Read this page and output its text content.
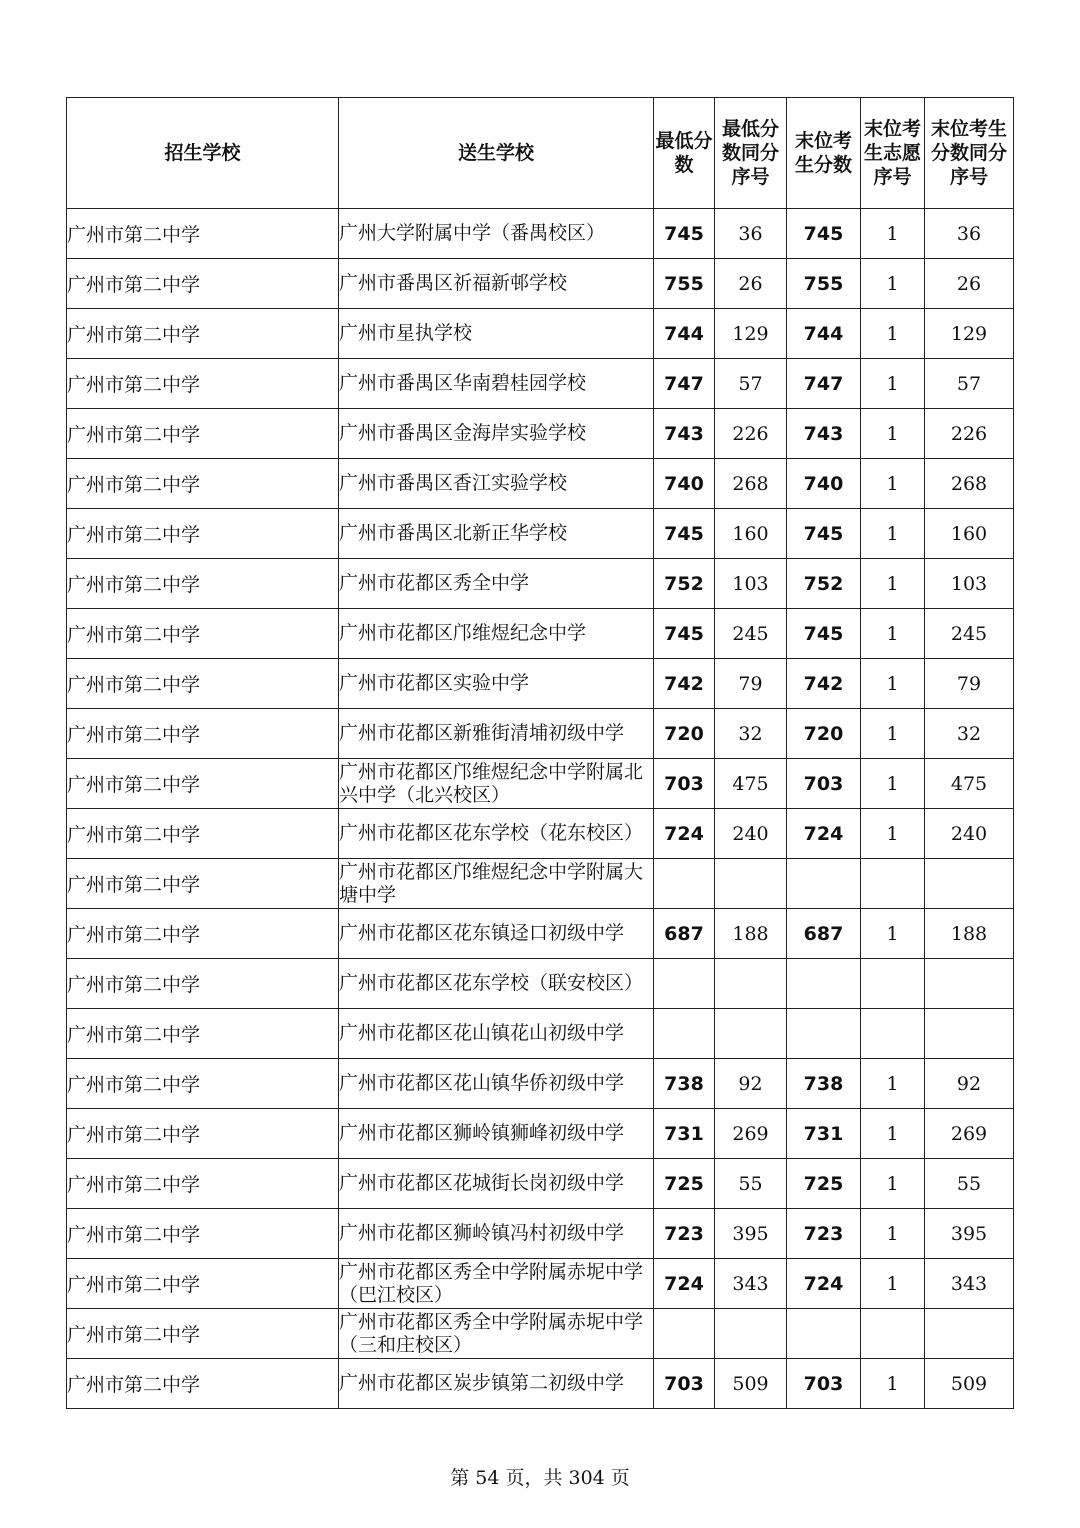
招生学校	送生学校	最低分数	最低分数同分序号	末位考生分数	末位考生志愿序号	末位考生分数同分序号
广州市第二中学	广州大学附属中学（番禺校区）	745	36	745	1	36
广州市第二中学	广州市番禺区祈福新邨学校	755	26	755	1	26
广州市第二中学	广州市星执学校	744	129	744	1	129
广州市第二中学	广州市番禺区华南碧桂园学校	747	57	747	1	57
广州市第二中学	广州市番禺区金海岸实验学校	743	226	743	1	226
广州市第二中学	广州市番禺区香江实验学校	740	268	740	1	268
广州市第二中学	广州市番禺区北新正华学校	745	160	745	1	160
广州市第二中学	广州市花都区秀全中学	752	103	752	1	103
广州市第二中学	广州市花都区邝维煜纪念中学	745	245	745	1	245
广州市第二中学	广州市花都区实验中学	742	79	742	1	79
广州市第二中学	广州市花都区新雅街清埔初级中学	720	32	720	1	32
广州市第二中学	广州市花都区邝维煜纪念中学附属北兴中学（北兴校区）	703	475	703	1	475
广州市第二中学	广州市花都区花东学校（花东校区）	724	240	724	1	240
广州市第二中学	广州市花都区邝维煜纪念中学附属大塘中学					
广州市第二中学	广州市花都区花东镇迳口初级中学	687	188	687	1	188
广州市第二中学	广州市花都区花东学校（联安校区）					
广州市第二中学	广州市花都区花山镇花山初级中学					
广州市第二中学	广州市花都区花山镇华侨初级中学	738	92	738	1	92
广州市第二中学	广州市花都区狮岭镇狮峰初级中学	731	269	731	1	269
广州市第二中学	广州市花都区花城街长岗初级中学	725	55	725	1	55
广州市第二中学	广州市花都区狮岭镇冯村初级中学	723	395	723	1	395
广州市第二中学	广州市花都区秀全中学附属赤坭中学（巴江校区）	724	343	724	1	343
广州市第二中学	广州市花都区秀全中学附属赤坭中学（三和庄校区）					
广州市第二中学	广州市花都区炭步镇第二初级中学	703	509	703	1	509
第 54 页，共 304 页
